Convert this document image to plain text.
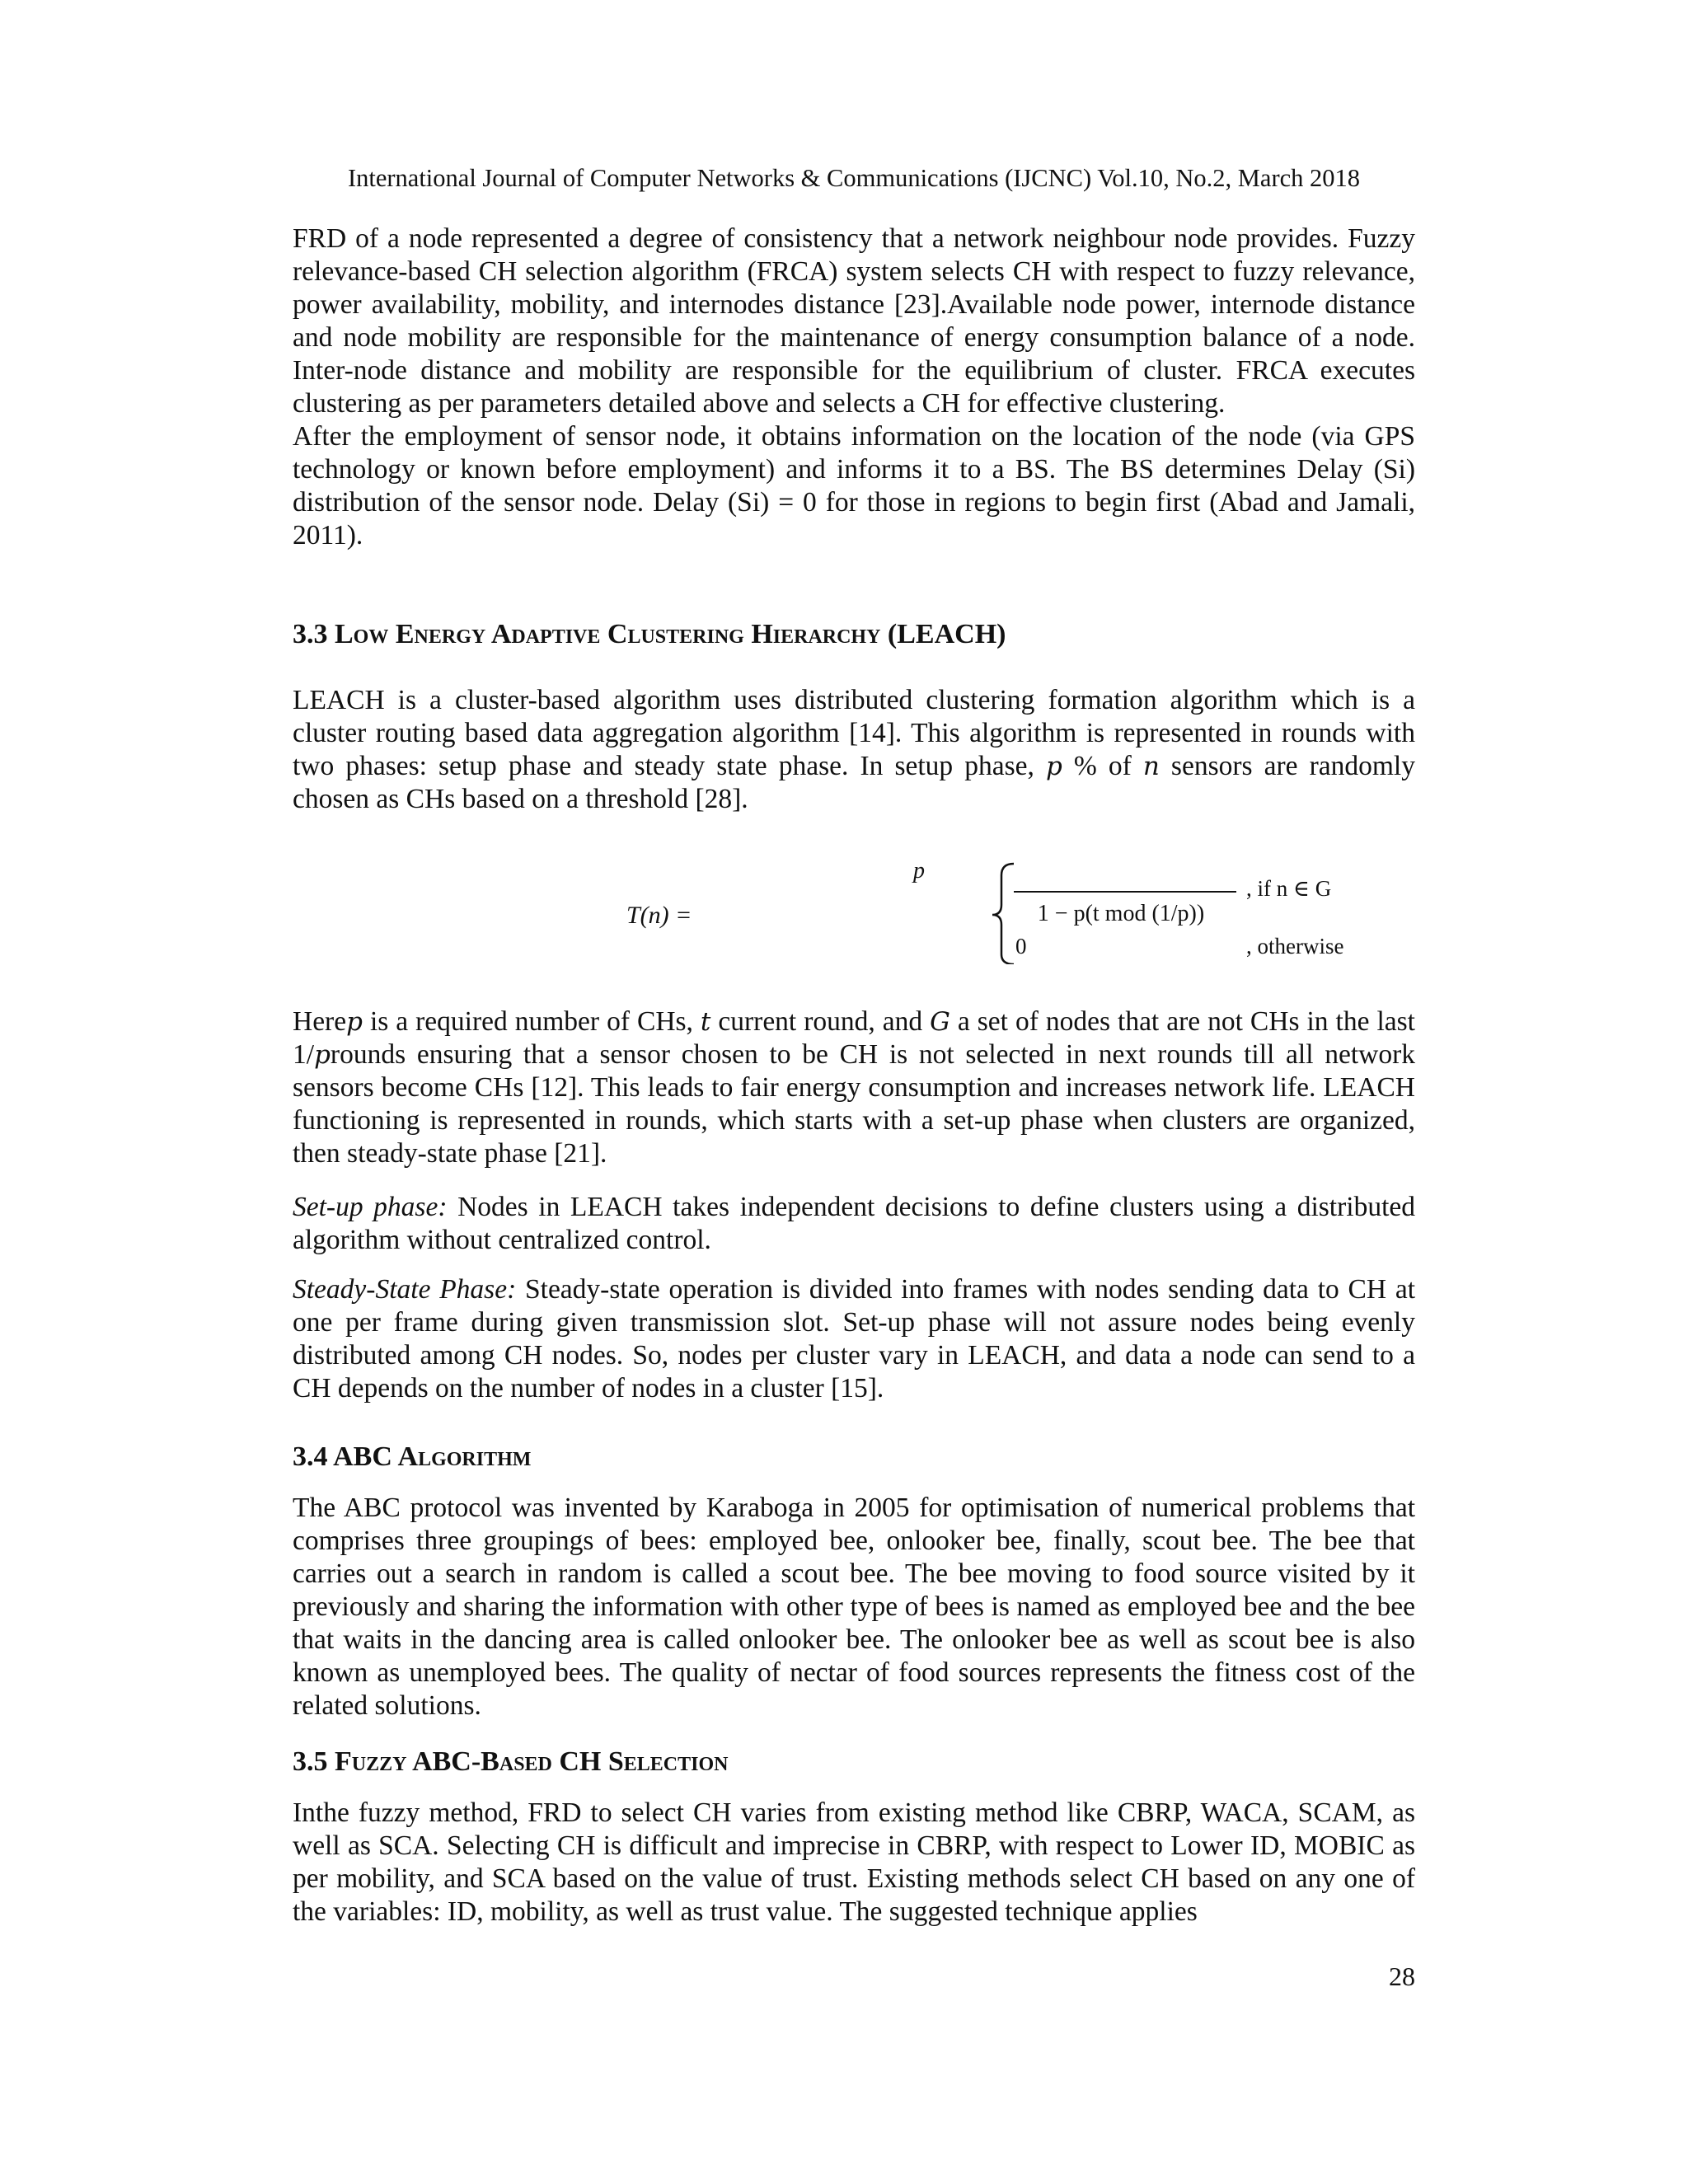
International Journal of Computer Networks & Communications (IJCNC) Vol.10, No.2, March 2018

FRD of a node represented a degree of consistency that a network neighbour node provides. Fuzzy relevance-based CH selection algorithm (FRCA) system selects CH with respect to fuzzy relevance, power availability, mobility, and internodes distance [23].Available node power, internode distance and node mobility are responsible for the maintenance of energy consumption balance of a node. Inter-node distance and mobility are responsible for the equilibrium of cluster. FRCA executes clustering as per parameters detailed above and selects a CH for effective clustering.

After the employment of sensor node, it obtains information on the location of the node (via GPS technology or known before employment) and informs it to a BS. The BS determines Delay (Si) distribution of the sensor node. Delay (Si) = 0 for those in regions to begin first (Abad and Jamali, 2011).

3.3 Low Energy Adaptive Clustering Hierarchy (LEACH)

LEACH is a cluster-based algorithm uses distributed clustering formation algorithm which is a cluster routing based data aggregation algorithm [14]. This algorithm is represented in rounds with two phases: setup phase and steady state phase. In setup phase, p % of n sensors are randomly chosen as CHs based on a threshold [28].

p
1 − p(t mod (1/p))
T(n) =
, if n ∈ G
0	, otherwise

Herep is a required number of CHs, t current round, and G a set of nodes that are not CHs in the last 1/prounds ensuring that a sensor chosen to be CH is not selected in next rounds till all network sensors become CHs [12]. This leads to fair energy consumption and increases network life. LEACH functioning is represented in rounds, which starts with a set-up phase when clusters are organized, then steady-state phase [21].

Set-up phase: Nodes in LEACH takes independent decisions to define clusters using a distributed algorithm without centralized control.

Steady-State Phase: Steady-state operation is divided into frames with nodes sending data to CH at one per frame during given transmission slot. Set-up phase will not assure nodes being evenly distributed among CH nodes. So, nodes per cluster vary in LEACH, and data a node can send to a CH depends on the number of nodes in a cluster [15].

3.4 ABC Algorithm

The ABC protocol was invented by Karaboga in 2005 for optimisation of numerical problems that comprises three groupings of bees: employed bee, onlooker bee, finally, scout bee. The bee that carries out a search in random is called a scout bee. The bee moving to food source visited by it previously and sharing the information with other type of bees is named as employed bee and the bee that waits in the dancing area is called onlooker bee. The onlooker bee as well as scout bee is also known as unemployed bees. The quality of nectar of food sources represents the fitness cost of the related solutions.

3.5 Fuzzy ABC-Based CH Selection

Inthe fuzzy method, FRD to select CH varies from existing method like CBRP, WACA, SCAM, as well as SCA. Selecting CH is difficult and imprecise in CBRP, with respect to Lower ID, MOBIC as per mobility, and SCA based on the value of trust. Existing methods select CH based on any one of the variables: ID, mobility, as well as trust value. The suggested technique applies

28
